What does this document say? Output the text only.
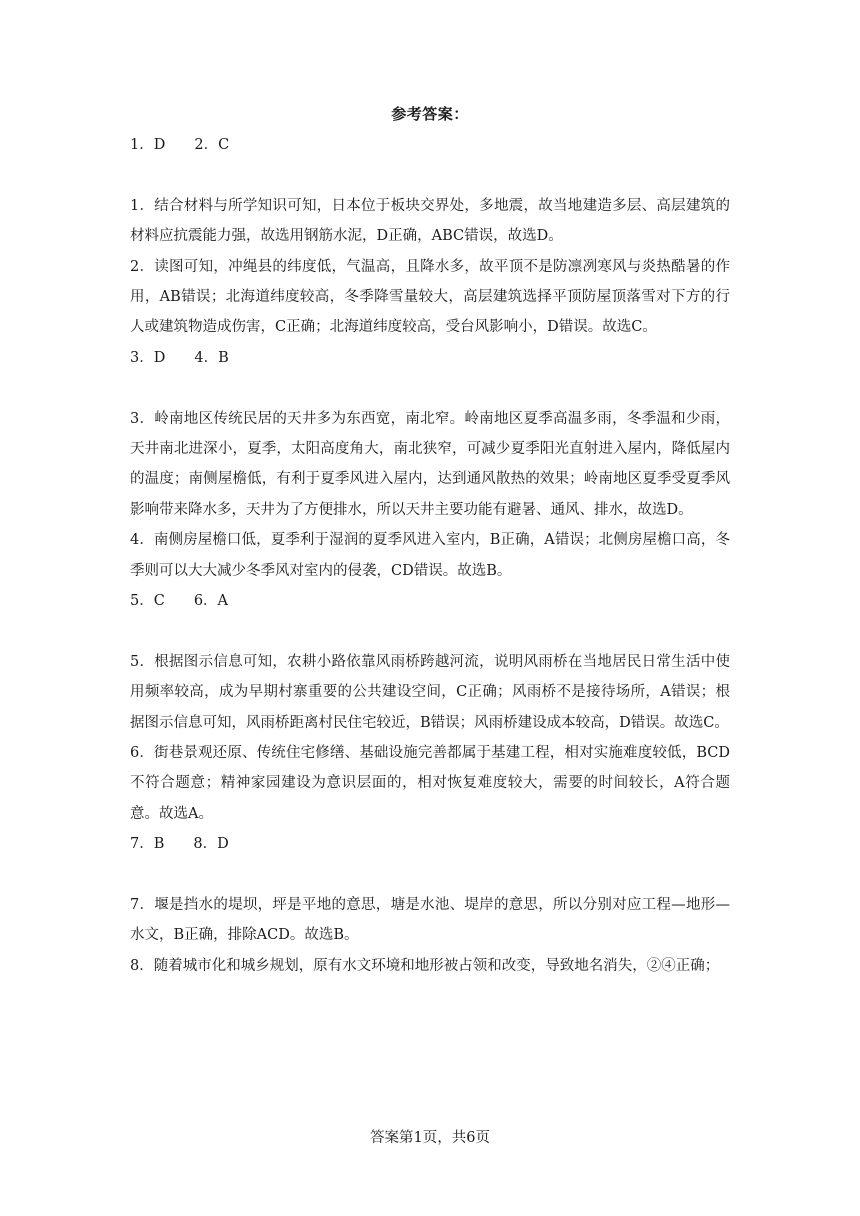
参考答案：

1．D　　2．C

1．结合材料与所学知识可知，日本位于板块交界处，多地震，故当地建造多层、高层建筑的材料应抗震能力强，故选用钢筋水泥，D正确，ABC错误，故选D。

2．读图可知，冲绳县的纬度低，气温高，且降水多，故平顶不是防凛冽寒风与炎热酷暑的作用，AB错误；北海道纬度较高，冬季降雪量较大，高层建筑选择平顶防屋顶落雪对下方的行人或建筑物造成伤害，C正确；北海道纬度较高，受台风影响小，D错误。故选C。

3．D　　4．B

3．岭南地区传统民居的天井多为东西宽，南北窄。岭南地区夏季高温多雨，冬季温和少雨，天井南北进深小，夏季，太阳高度角大，南北狭窄，可减少夏季阳光直射进入屋内，降低屋内的温度；南侧屋檐低，有利于夏季风进入屋内，达到通风散热的效果；岭南地区夏季受夏季风影响带来降水多，天井为了方便排水，所以天井主要功能有避暑、通风、排水，故选D。

4．南侧房屋檐口低，夏季利于湿润的夏季风进入室内，B正确，A错误；北侧房屋檐口高，冬季则可以大大减少冬季风对室内的侵袭，CD错误。故选B。

5．C　　6．A

5．根据图示信息可知，农耕小路依靠风雨桥跨越河流，说明风雨桥在当地居民日常生活中使用频率较高，成为早期村寨重要的公共建设空间，C正确；风雨桥不是接待场所，A错误；根据图示信息可知，风雨桥距离村民住宅较近，B错误；风雨桥建设成本较高，D错误。故选C。

6．街巷景观还原、传统住宅修缮、基础设施完善都属于基建工程，相对实施难度较低，BCD不符合题意；精神家园建设为意识层面的，相对恢复难度较大，需要的时间较长，A符合题意。故选A。

7．B　　8．D

7．堰是挡水的堤坝，坪是平地的意思，塘是水池、堤岸的意思，所以分别对应工程—地形—水文，B正确，排除ACD。故选B。

8．随着城市化和城乡规划，原有水文环境和地形被占领和改变，导致地名消失，②④正确；

答案第1页，共6页
